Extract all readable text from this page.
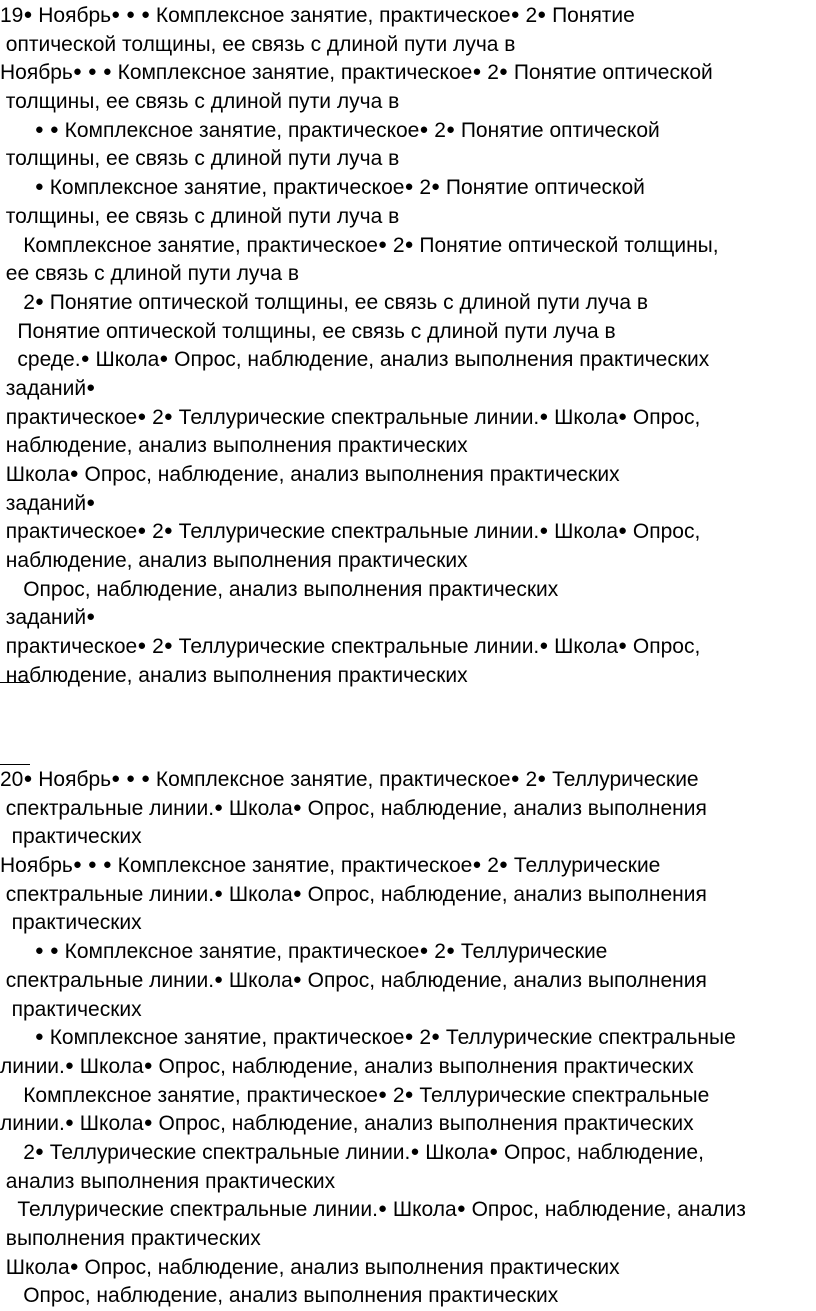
19● Ноябрь● ● ● Комплексное занятие, практическое● 2● Понятие
оптической толщины, ее связь с длиной пути луча в
Ноябрь● ● ● Комплексное занятие, практическое● 2● Понятие оптической
толщины, ее связь с длиной пути луча в
● ● Комплексное занятие, практическое● 2● Понятие оптической
толщины, ее связь с длиной пути луча в
● Комплексное занятие, практическое● 2● Понятие оптической
толщины, ее связь с длиной пути луча в
Комплексное занятие, практическое● 2● Понятие оптической толщины,
ее связь с длиной пути луча в
2● Понятие оптической толщины, ее связь с длиной пути луча в
Понятие оптической толщины, ее связь с длиной пути луча в
среде.● Школа● Опрос, наблюдение, анализ выполнения практических
заданий●
практическое● 2● Теллурические спектральные линии.● Школа● Опрос,
наблюдение, анализ выполнения практических
Школа● Опрос, наблюдение, анализ выполнения практических
заданий●
практическое● 2● Теллурические спектральные линии.● Школа● Опрос,
наблюдение, анализ выполнения практических
Опрос, наблюдение, анализ выполнения практических
заданий●
практическое● 2● Теллурические спектральные линии.● Школа● Опрос,
наблюдение, анализ выполнения практических
20● Ноябрь● ● ● Комплексное занятие, практическое● 2● Теллурические
спектральные линии.● Школа● Опрос, наблюдение, анализ выполнения
практических
Ноябрь● ● ● Комплексное занятие, практическое● 2● Теллурические
спектральные линии.● Школа● Опрос, наблюдение, анализ выполнения
практических
● ● Комплексное занятие, практическое● 2● Теллурические
спектральные линии.● Школа● Опрос, наблюдение, анализ выполнения
практических
● Комплексное занятие, практическое● 2● Теллурические спектральные
линии.● Школа● Опрос, наблюдение, анализ выполнения практических
Комплексное занятие, практическое● 2● Теллурические спектральные
линии.● Школа● Опрос, наблюдение, анализ выполнения практических
2● Теллурические спектральные линии.● Школа● Опрос, наблюдение,
анализ выполнения практических
Теллурические спектральные линии.● Школа● Опрос, наблюдение, анализ
выполнения практических
Школа● Опрос, наблюдение, анализ выполнения практических
Опрос, наблюдение, анализ выполнения практических
